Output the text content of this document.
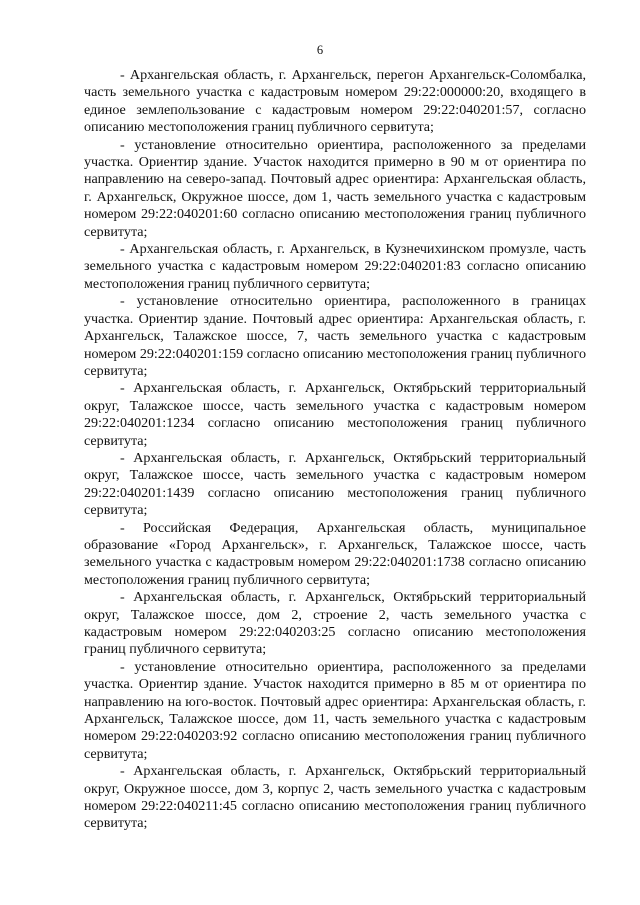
6

- Архангельская область, г. Архангельск, перегон Архангельск-Соломбалка, часть земельного участка с кадастровым номером 29:22:000000:20, входящего в единое землепользование с кадастровым номером 29:22:040201:57, согласно описанию местоположения границ публичного сервитута;

- установление относительно ориентира, расположенного за пределами участка. Ориентир здание. Участок находится примерно в 90 м от ориентира по направлению на северо-запад. Почтовый адрес ориентира: Архангельская область, г. Архангельск, Окружное шоссе, дом 1, часть земельного участка с кадастровым номером 29:22:040201:60 согласно описанию местоположения границ публичного сервитута;

- Архангельская область, г. Архангельск, в Кузнечихинском промузле, часть земельного участка с кадастровым номером 29:22:040201:83 согласно описанию местоположения границ публичного сервитута;

- установление относительно ориентира, расположенного в границах участка. Ориентир здание. Почтовый адрес ориентира: Архангельская область, г. Архангельск, Талажское шоссе, 7, часть земельного участка с кадастровым номером 29:22:040201:159 согласно описанию местоположения границ публичного сервитута;

- Архангельская область, г. Архангельск, Октябрьский территориальный округ, Талажское шоссе, часть земельного участка с кадастровым номером 29:22:040201:1234 согласно описанию местоположения границ публичного сервитута;

- Архангельская область, г. Архангельск, Октябрьский территориальный округ, Талажское шоссе, часть земельного участка с кадастровым номером 29:22:040201:1439 согласно описанию местоположения границ публичного сервитута;

- Российская Федерация, Архангельская область, муниципальное образование «Город Архангельск», г. Архангельск, Талажское шоссе, часть земельного участка с кадастровым номером 29:22:040201:1738 согласно описанию местоположения границ публичного сервитута;

- Архангельская область, г. Архангельск, Октябрьский территориальный округ, Талажское шоссе, дом 2, строение 2, часть земельного участка с кадастровым номером 29:22:040203:25 согласно описанию местоположения границ публичного сервитута;

- установление относительно ориентира, расположенного за пределами участка. Ориентир здание. Участок находится примерно в 85 м от ориентира по направлению на юго-восток. Почтовый адрес ориентира: Архангельская область, г. Архангельск, Талажское шоссе, дом 11, часть земельного участка с кадастровым номером 29:22:040203:92 согласно описанию местоположения границ публичного сервитута;

- Архангельская область, г. Архангельск, Октябрьский территориальный округ, Окружное шоссе, дом 3, корпус 2, часть земельного участка с кадастровым номером 29:22:040211:45 согласно описанию местоположения границ публичного сервитута;
